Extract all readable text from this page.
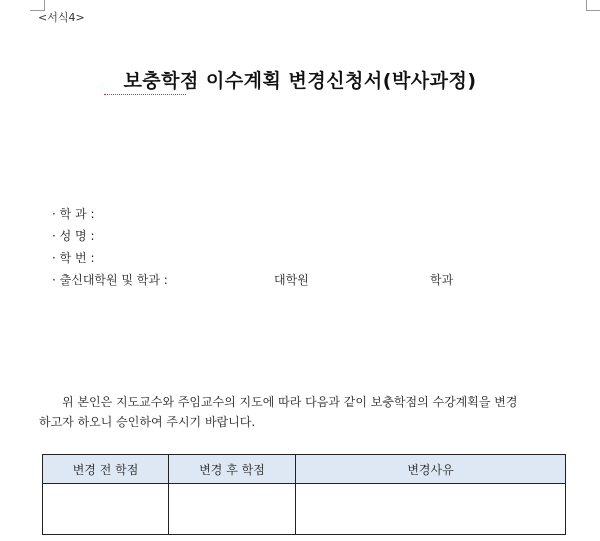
<서식4>
보충학점 이수계획 변경신청서(박사과정)
· 학 과 :
· 성 명 :
· 학 번 :
· 출신대학원 및 학과 :	대학원	학과
위 본인은 지도교수와 주임교수의 지도에 따라 다음과 같이 보충학점의 수강계획을 변경
하고자 하오니 승인하여 주시기 바랍니다.
변경 전 학점	변경 후 학점	변경사유
